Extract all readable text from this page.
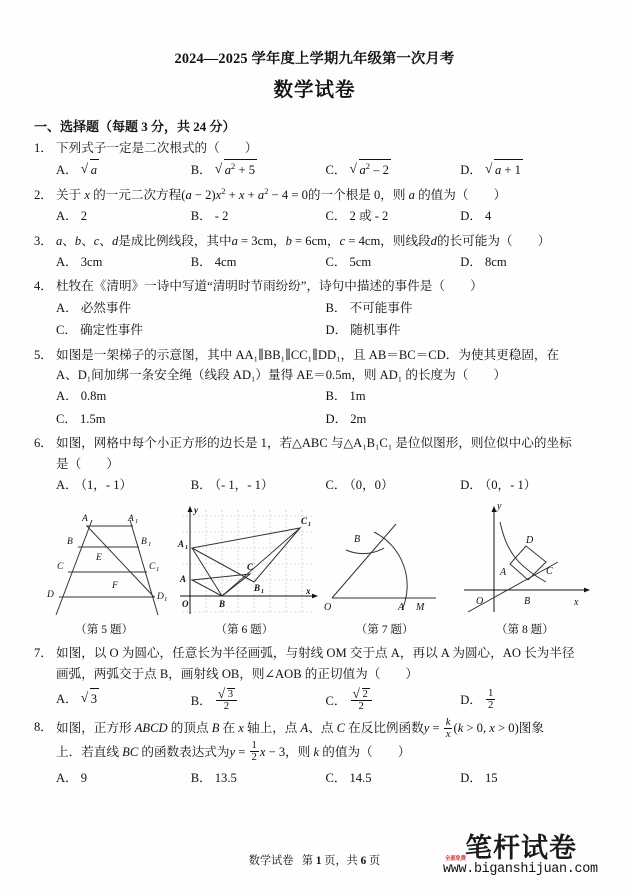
2024—2025 学年度上学期九年级第一次月考
数学试卷
一、选择题（每题 3 分，共 24 分）
1． 下列式子一定是二次根式的（　　）
A． √ a	B． √ $a^2 + 5$	C． √ $a^2 - 2$	D． √ a + 1
2． 关于 x 的一元二次方程$(a - 2)x^2 + x + a^2 - 4 = 0$的一个根是 0，则 a 的值为（　　）
A． 2	B． - 2	C． 2 或 - 2	D． 4
3． a、b、c、d是成比例线段，其中a = 3cm，b = 6cm，c = 4cm，则线段d的长可能为（　　）
A． 3cm	B． 4cm	C． 5cm	D． 8cm
4． 杜牧在《清明》一诗中写道“清明时节雨纷纷”，诗句中描述的事件是（　　）
A． 必然事件	B． 不可能事件
C． 确定性事件	D． 随机事件
5． 如图是一架梯子的示意图，其中 AA₁∥BB₁∥CC₁∥DD₁，且 AB＝BC＝CD．为使其更稳固，在
A、D₁间加绑一条安全绳（线段 AD₁）量得 AE＝0.5m，则 AD₁ 的长度为（　　）
A． 0.8m	B． 1m
C． 1.5m	D． 2m
6． 如图，网格中每个小正方形的边长是 1，若△ABC 与△A₁B₁C₁ 是位似图形，则位似中心的坐标
是（　　）
A． （1，- 1）	B． （- 1，- 1）	C． （0，0）	D． （0，- 1）
A	A 1
B	B 1
E
C	C 1
F
D	D 1
y
x
O
A
A 1
B
B 1
C
C 1
B
O	A M
y
x
O
A
B
C
D
（第 5 题）	（第 6 题）	（第 7 题）	（第 8 题）
7． 如图，以 O 为圆心，任意长为半径画弧，与射线 OM 交于点 A，再以 A 为圆心，AO 长为半径
画弧，两弧交于点 B，画射线 OB，则∠AOB 的正切值为（　　）
A． √ 3	B． √ $\frac{3}{2}$	C． √ $\frac{2}{2}$	D． $\frac{1}{2}$
8． 如图，正方形 ABCD 的顶点 B 在 x 轴上，点 A、点 C 在反比例函数$y = \frac{k}{x} (k > 0$, x > 0)图象
上．若直线 BC 的函数表达式为$y = \frac{1}{2}$ x − 3，则 k 的值为（　　）
A． 9	B． 13.5	C． 14.5	D． 15
数学试卷 第 1 页，共 6 页	笔杆试卷
全部免费
www.biganshijuan.com
